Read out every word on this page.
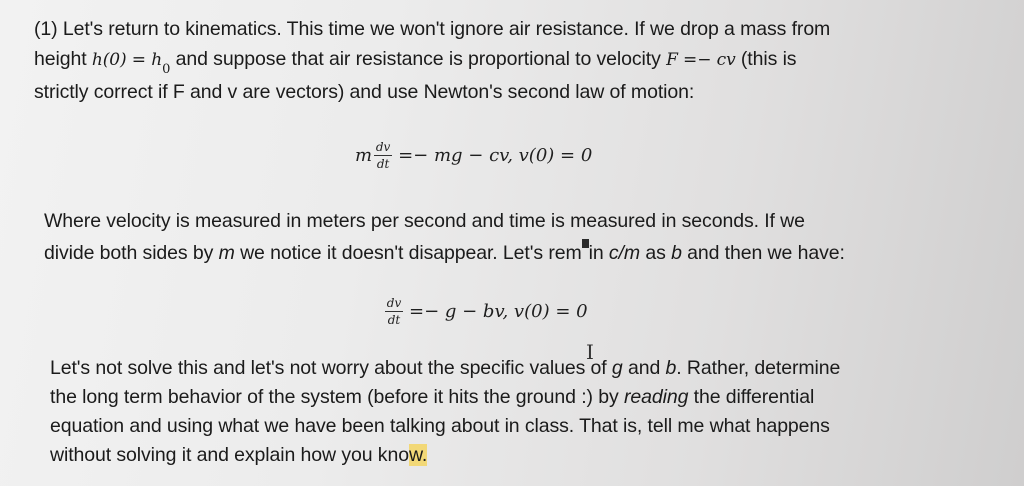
(1) Let's return to kinematics. This time we won't ignore air resistance. If we drop a mass from
height $h(0) = h_0$ and suppose that air resistance is proportional to velocity F =− cv (this is
strictly correct if F and v are vectors) and use Newton's second law of motion:
m $\frac{dv}{dt}$ =− mg − cv, v(0) = 0
Where velocity is measured in meters per second and time is measured in seconds. If we
divide both sides by m we notice it doesn't disappear. Let's rem in c/m as b and then we have:
$\frac{dv}{dt} =- g$ − bv, v(0) = 0
I
Let's not solve this and let's not worry about the specific values of g and b. Rather, determine
the long term behavior of the system (before it hits the ground :) by reading the differential
equation and using what we have been talking about in class. That is, tell me what happens
without solving it and explain how you know.
